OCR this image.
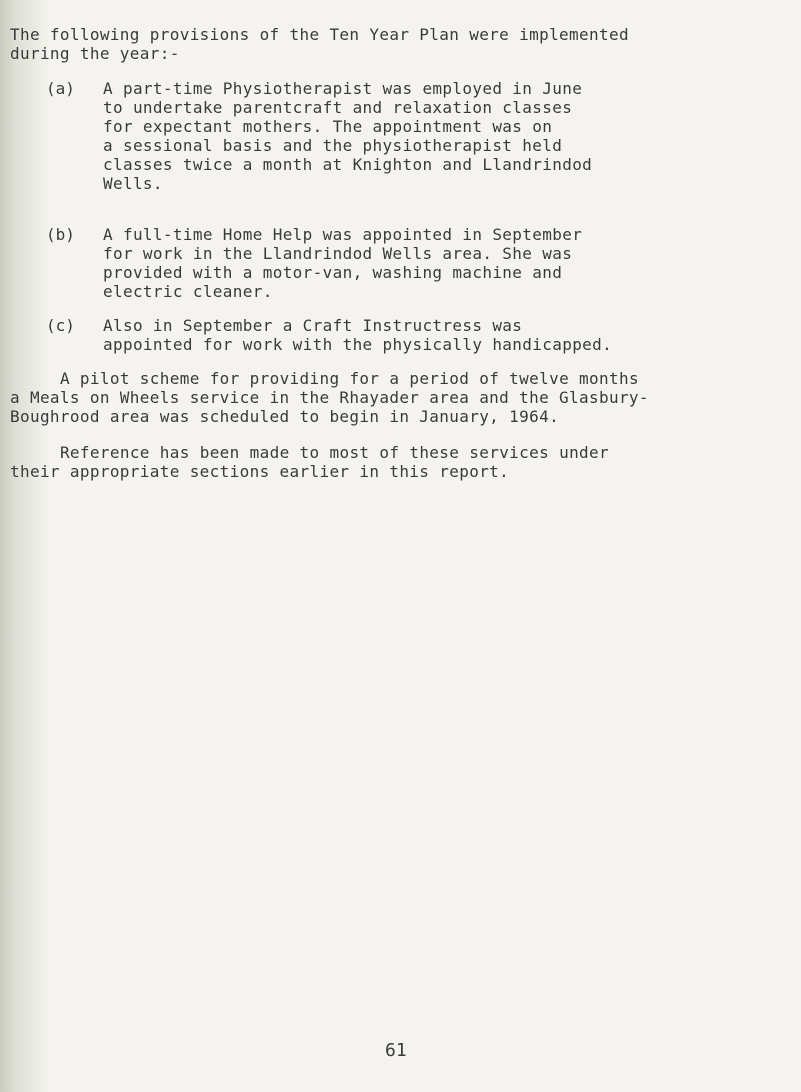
The following provisions of the Ten Year Plan were implemented
during the year:-
(a) A part-time Physiotherapist was employed in June
to undertake parentcraft and relaxation classes
for expectant mothers. The appointment was on
a sessional basis and the physiotherapist held
classes twice a month at Knighton and Llandrindod
Wells.
(b) A full-time Home Help was appointed in September
for work in the Llandrindod Wells area. She was
provided with a motor-van, washing machine and
electric cleaner.
(c) Also in September a Craft Instructress was
appointed for work with the physically handicapped.
A pilot scheme for providing for a period of twelve months
a Meals on Wheels service in the Rhayader area and the Glasbury-
Boughrood area was scheduled to begin in January, 1964.
Reference has been made to most of these services under
their appropriate sections earlier in this report.
61
